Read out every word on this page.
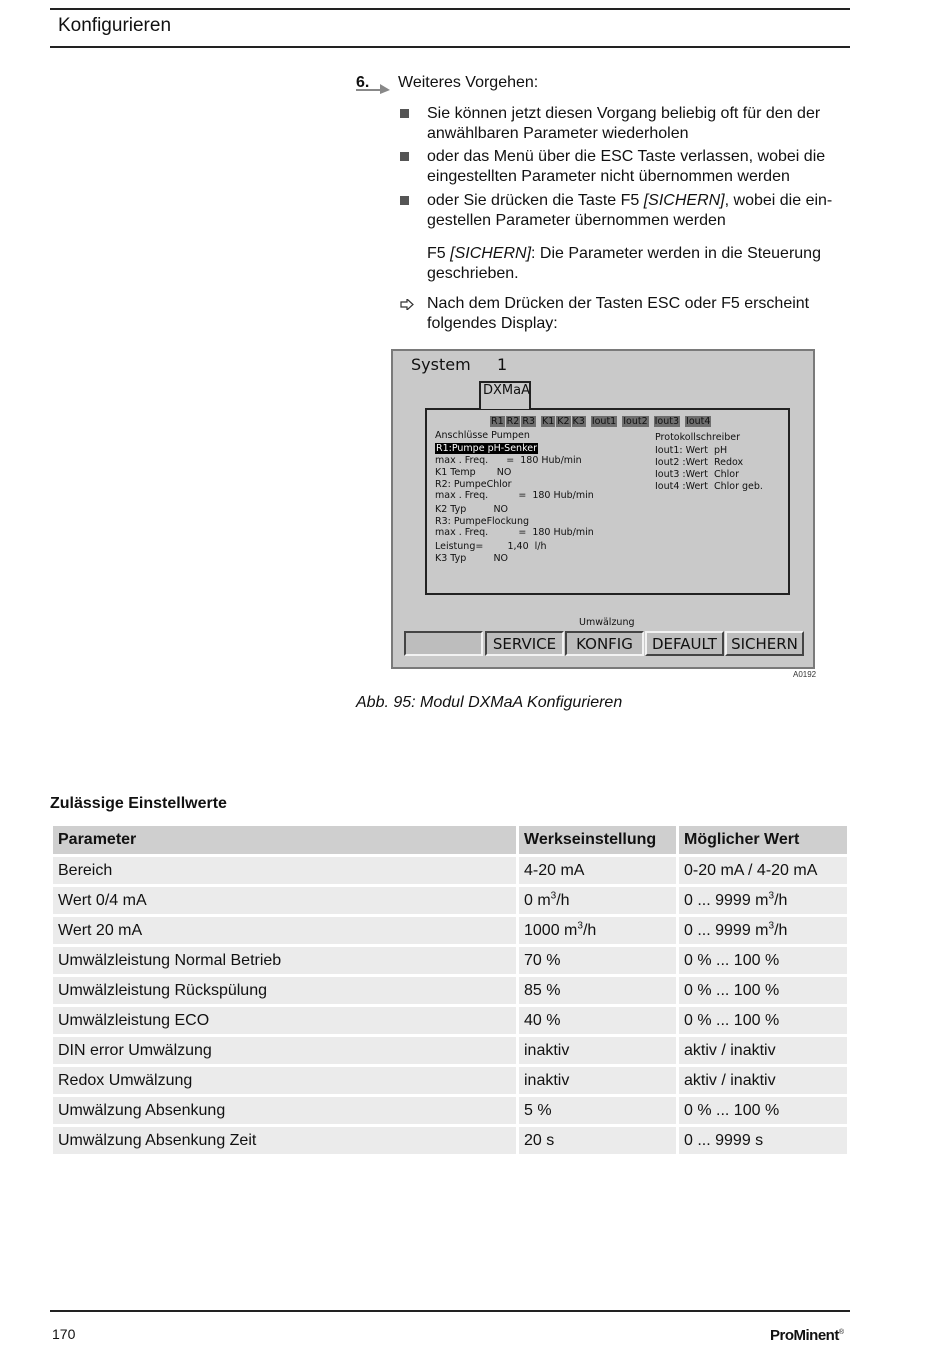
Konfigurieren
6. Weiteres Vorgehen:
Sie können jetzt diesen Vorgang beliebig oft für den der anwählbaren Parameter wiederholen
oder das Menü über die ESC Taste verlassen, wobei die eingestellten Parameter nicht übernommen werden
oder Sie drücken die Taste F5 [SICHERN], wobei die ein-gestellen Parameter übernommen werden
F5 [SICHERN]: Die Parameter werden in die Steuerung geschrieben.
Nach dem Drücken der Tasten ESC oder F5 erscheint folgendes Display:
System 1
DXMaA
R1 R2 R3 K1 K2 K3 Iout1 Iout2 Iout3 Iout4
Anschlüsse Pumpen
R1:Pumpe pH-Senker
max . Freq.      =  180 Hub/min
K1 Temp       NO
R2: PumpeChlor
max . Freq.          =  180 Hub/min
K2 Typ         NO
R3: PumpeFlockung
max . Freq.          =  180 Hub/min
Leistung=        1,40  l/h
K3 Typ         NO
Protokollschreiber
Iout1: Wert  pH
Iout2 :Wert  Redox
Iout3 :Wert  Chlor
Iout4 :Wert  Chlor geb.
Umwälzung
SERVICE	KONFIG	DEFAULT SICHERN
A0192
Abb. 95: Modul DXMaA Konfigurieren
Zulässige Einstellwerte
Parameter	Werkseinstellung	Möglicher Wert
Bereich	4-20 mA	0-20 mA / 4-20 mA
Wert 0/4 mA	0 $m^3/h$	0 ... 9999 $m^3/h$
Wert 20 mA	1000 $m^3/h$	0 ... 9999 $m^3/h$
Umwälzleistung Normal Betrieb	70 %	0 % ... 100 %
Umwälzleistung Rückspülung	85 %	0 % ... 100 %
Umwälzleistung ECO	40 %	0 % ... 100 %
DIN error Umwälzung	inaktiv	aktiv / inaktiv
Redox Umwälzung	inaktiv	aktiv / inaktiv
Umwälzung Absenkung	5 %	0 % ... 100 %
Umwälzung Absenkung Zeit	20 s	0 ... 9999 s
170	ProMinent®
